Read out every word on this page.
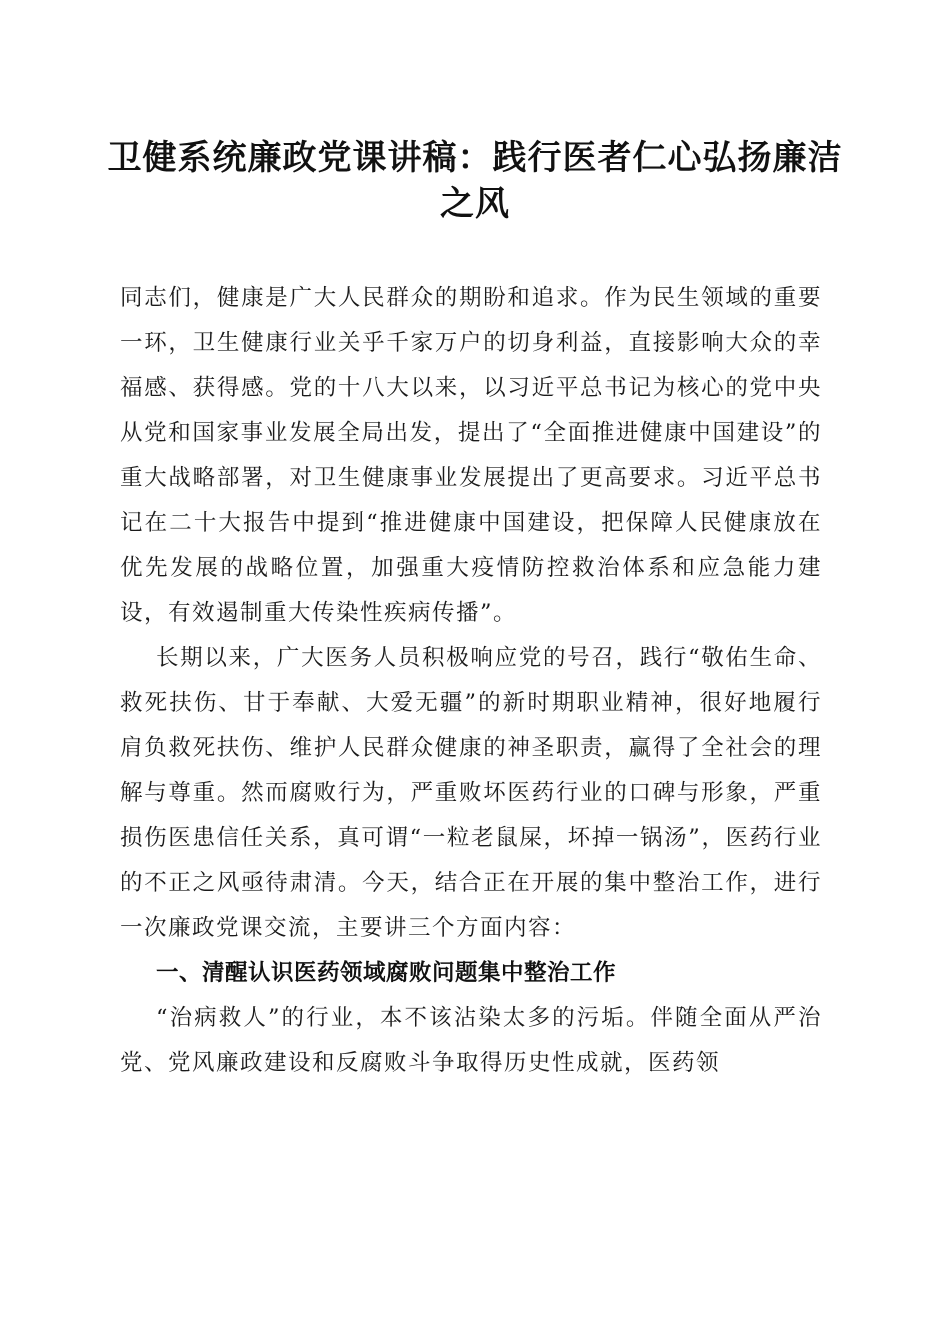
卫健系统廉政党课讲稿：践行医者仁心弘扬廉洁之风

同志们，健康是广大人民群众的期盼和追求。作为民生领域的重要一环，卫生健康行业关乎千家万户的切身利益，直接影响大众的幸福感、获得感。党的十八大以来，以习近平总书记为核心的党中央从党和国家事业发展全局出发，提出了“全面推进健康中国建设”的重大战略部署，对卫生健康事业发展提出了更高要求。习近平总书记在二十大报告中提到“推进健康中国建设，把保障人民健康放在优先发展的战略位置，加强重大疫情防控救治体系和应急能力建设，有效遏制重大传染性疾病传播”。

长期以来，广大医务人员积极响应党的号召，践行“敬佑生命、救死扶伤、甘于奉献、大爱无疆”的新时期职业精神，很好地履行肩负救死扶伤、维护人民群众健康的神圣职责，赢得了全社会的理解与尊重。然而腐败行为，严重败坏医药行业的口碑与形象，严重损伤医患信任关系，真可谓“一粒老鼠屎，坏掉一锅汤”，医药行业的不正之风亟待肃清。今天，结合正在开展的集中整治工作，进行一次廉政党课交流，主要讲三个方面内容：

一、清醒认识医药领域腐败问题集中整治工作

“治病救人”的行业，本不该沾染太多的污垢。伴随全面从严治党、党风廉政建设和反腐败斗争取得历史性成就，医药领
